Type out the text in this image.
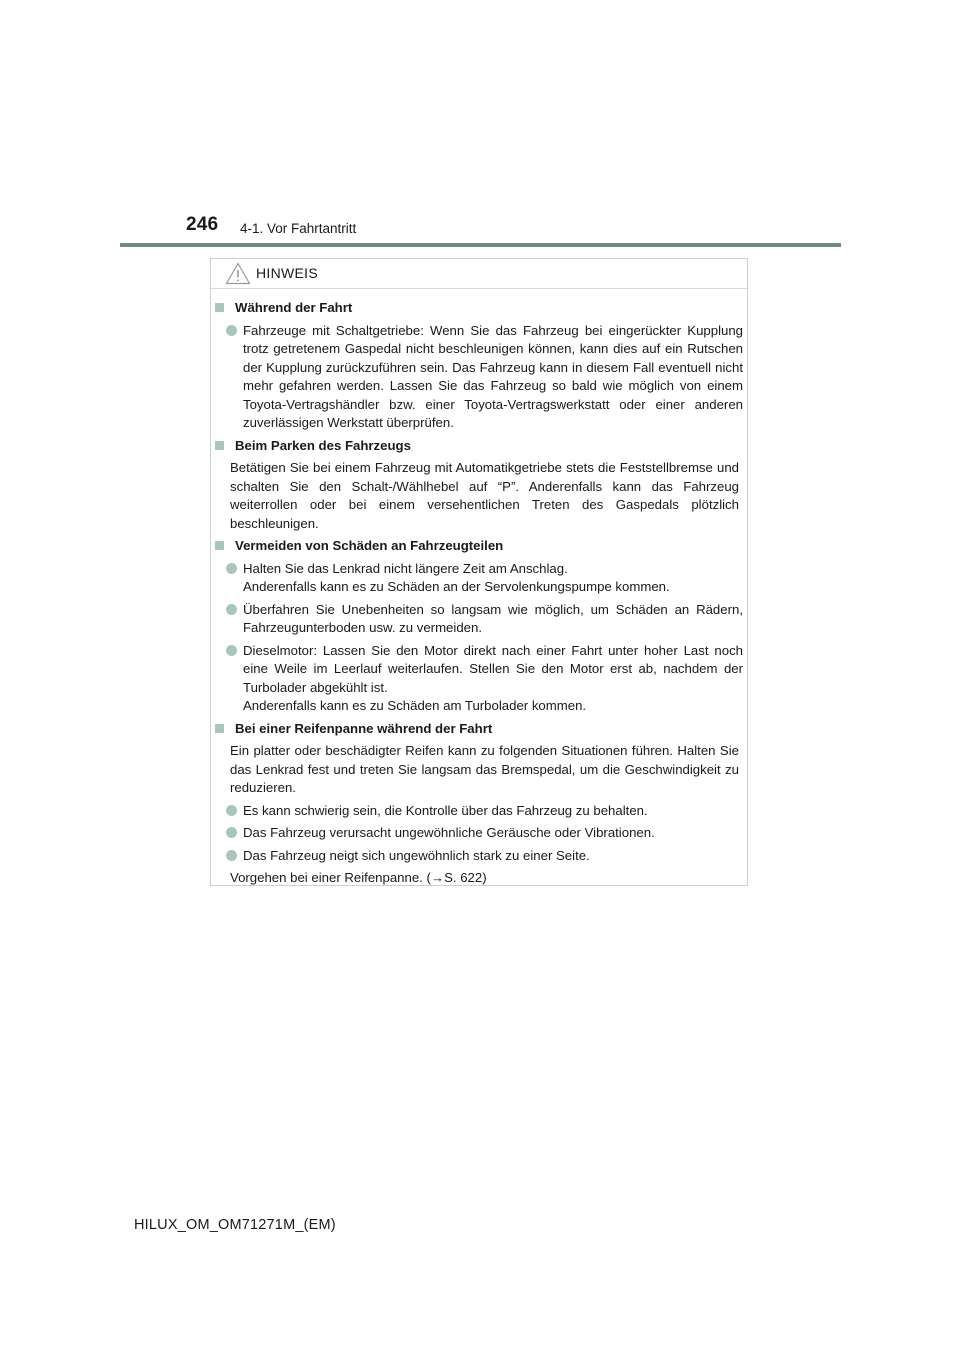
246 4-1. Vor Fahrtantritt
HINWEIS
Während der Fahrt
Fahrzeuge mit Schaltgetriebe: Wenn Sie das Fahrzeug bei eingerückter Kupplung trotz getretenem Gaspedal nicht beschleunigen können, kann dies auf ein Rutschen der Kupplung zurückzuführen sein. Das Fahrzeug kann in diesem Fall eventuell nicht mehr gefahren werden. Lassen Sie das Fahrzeug so bald wie möglich von einem Toyota-Vertragshändler bzw. einer Toyota-Vertragswerkstatt oder einer anderen zuverlässigen Werkstatt überprüfen.
Beim Parken des Fahrzeugs
Betätigen Sie bei einem Fahrzeug mit Automatikgetriebe stets die Feststellbremse und schalten Sie den Schalt-/Wählhebel auf “P”. Anderenfalls kann das Fahrzeug weiterrollen oder bei einem versehentlichen Treten des Gaspedals plötzlich beschleunigen.
Vermeiden von Schäden an Fahrzeugteilen
Halten Sie das Lenkrad nicht längere Zeit am Anschlag.
Anderenfalls kann es zu Schäden an der Servolenkungspumpe kommen.
Überfahren Sie Unebenheiten so langsam wie möglich, um Schäden an Rädern, Fahrzeugunterboden usw. zu vermeiden.
Dieselmotor: Lassen Sie den Motor direkt nach einer Fahrt unter hoher Last noch eine Weile im Leerlauf weiterlaufen. Stellen Sie den Motor erst ab, nachdem der Turbolader abgekühlt ist.
Anderenfalls kann es zu Schäden am Turbolader kommen.
Bei einer Reifenpanne während der Fahrt
Ein platter oder beschädigter Reifen kann zu folgenden Situationen führen. Halten Sie das Lenkrad fest und treten Sie langsam das Bremspedal, um die Geschwindigkeit zu reduzieren.
Es kann schwierig sein, die Kontrolle über das Fahrzeug zu behalten.
Das Fahrzeug verursacht ungewöhnliche Geräusche oder Vibrationen.
Das Fahrzeug neigt sich ungewöhnlich stark zu einer Seite.
Vorgehen bei einer Reifenpanne. (→S. 622)
HILUX_OM_OM71271M_(EM)
